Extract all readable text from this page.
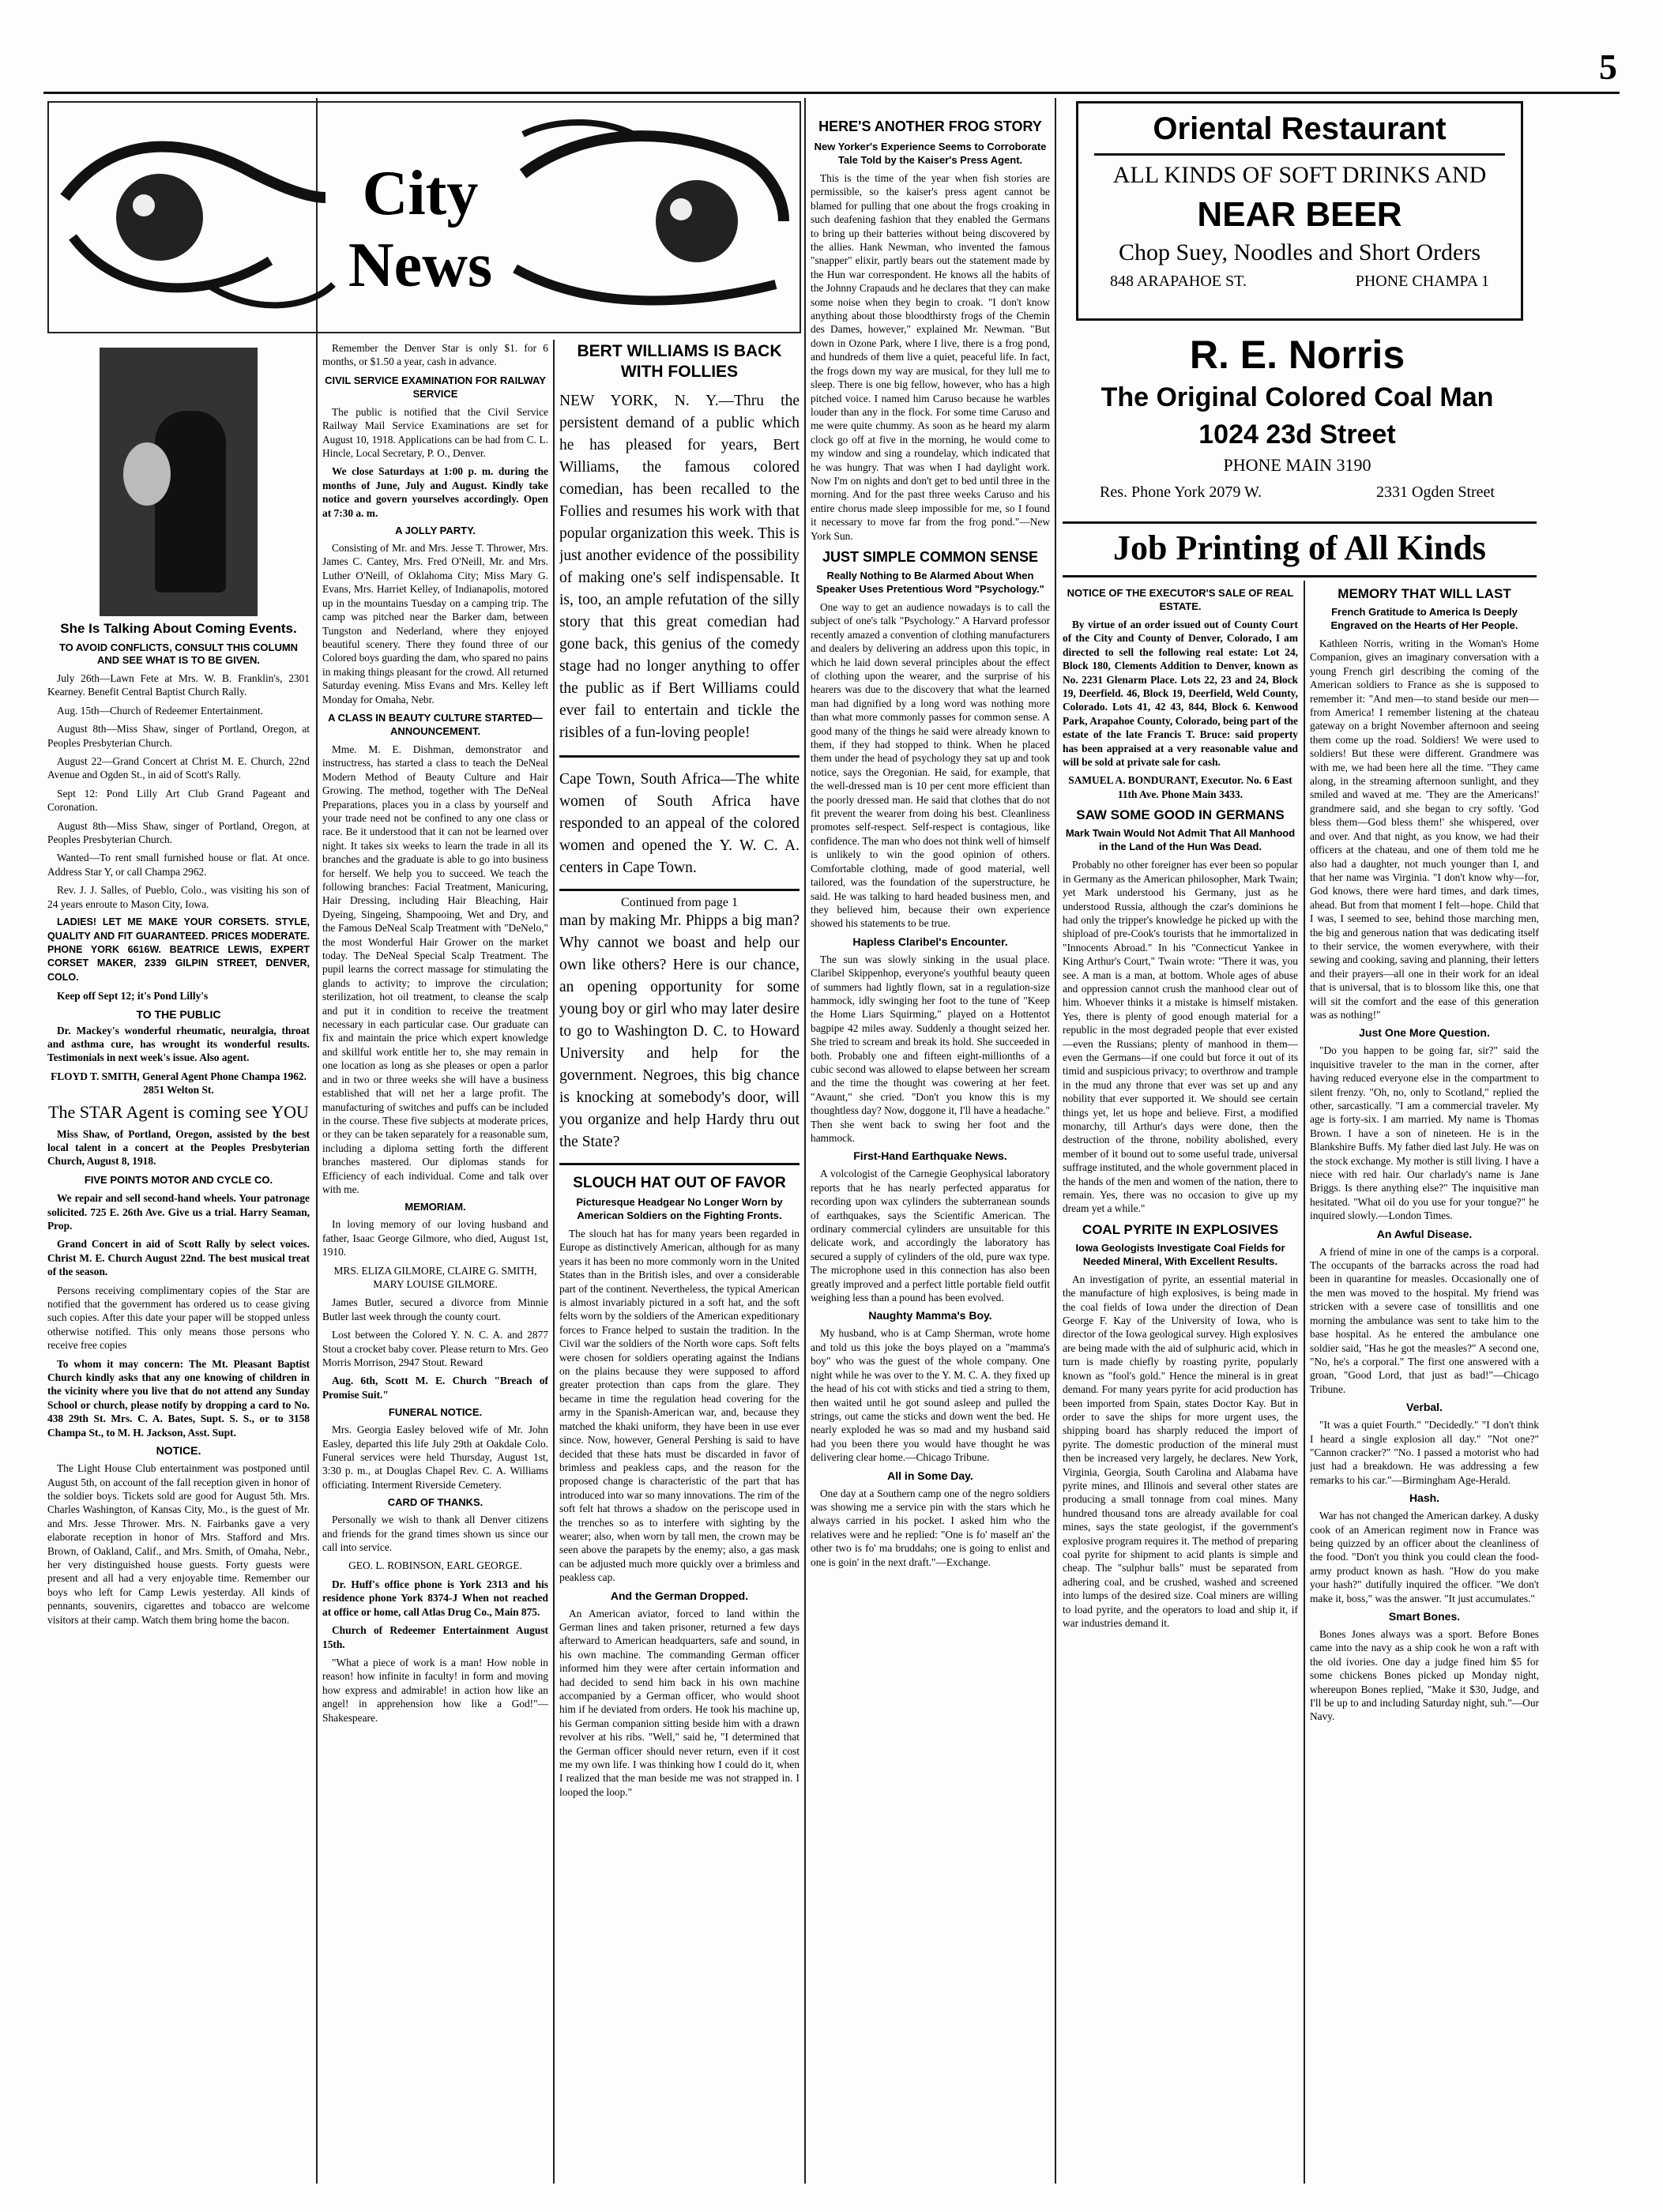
5
City News
She Is Talking About Coming Events.
TO AVOID CONFLICTS, CONSULT THIS COLUMN AND SEE WHAT IS TO BE GIVEN.

July 26th—Lawn Fete at Mrs. W. B. Franklin's, 2301 Kearney. Benefit Central Baptist Church Rally.

Aug. 15th—Church of Redeemer Entertainment.

August 8th—Miss Shaw, singer of Portland, Oregon, at Peoples Presbyterian Church.

August 22—Grand Concert at Christ M. E. Church, 22nd Avenue and Ogden St., in aid of Scott's Rally.

Sept 12: Pond Lilly Art Club Grand Pageant and Coronation.

August 8th—Miss Shaw, singer of Portland, Oregon, at Peoples Presbyterian Church.

Wanted—To rent small furnished house or flat. At once. Address Star Y, or call Champa 2962.

Rev. J. J. Salles, of Pueblo, Colo., was visiting his son of 24 years enroute to Mason City, Iowa.

LADIES! LET ME MAKE YOUR CORSETS. STYLE, QUALITY AND FIT GUARANTEED. PRICES MODERATE. PHONE YORK 6616W. BEATRICE LEWIS, EXPERT CORSET MAKER, 2339 GILPIN STREET, DENVER, COLO.

Keep off Sept 12; it's Pond Lilly's

TO THE PUBLIC

Dr. Mackey's wonderful rheumatic, neuralgia, throat and asthma cure, has wrought its wonderful results. Testimonials in next week's issue. Also agent.

FLOYD T. SMITH, General Agent Phone Champa 1962. 2851 Welton St.

The STAR Agent is coming see YOU

Miss Shaw, of Portland, Oregon, assisted by the best local talent in a concert at the Peoples Presbyterian Church, August 8, 1918.

FIVE POINTS MOTOR AND CYCLE CO.

We repair and sell second-hand wheels. Your patronage solicited. 725 E. 26th Ave. Give us a trial. Harry Seaman, Prop.

Grand Concert in aid of Scott Rally by select voices. Christ M. E. Church August 22nd. The best musical treat of the season.

Persons receiving complimentary copies of the Star are notified that the government has ordered us to cease giving such copies. After this date your paper will be stopped unless otherwise notified. This only means those persons who receive free copies

To whom it may concern: The Mt. Pleasant Baptist Church kindly asks that any one knowing of children in the vicinity where you live that do not attend any Sunday School or church, please notify by dropping a card to No. 438 29th St. Mrs. C. A. Bates, Supt. S. S., or to 3158 Champa St., to M. H. Jackson, Asst. Supt.

NOTICE.

The Light House Club entertainment was postponed until August 5th, on account of the fall reception given in honor of the soldier boys. Tickets sold are good for August 5th. Mrs. Charles Washington, of Kansas City, Mo., is the guest of Mr. and Mrs. Jesse Thrower. Mrs. N. Fairbanks gave a very elaborate reception in honor of Mrs. Stafford and Mrs. Brown, of Oakland, Calif., and Mrs. Smith, of Omaha, Nebr., her very distinguished house guests. Forty guests were present and all had a very enjoyable time. Remember our boys who left for Camp Lewis yesterday. All kinds of pennants, souvenirs, cigarettes and tobacco are welcome visitors at their camp. Watch them bring home the bacon.

Remember the Denver Star is only $1. for 6 months, or $1.50 a year, cash in advance.

CIVIL SERVICE EXAMINATION FOR RAILWAY SERVICE

The public is notified that the Civil Service Railway Mail Service Examinations are set for August 10, 1918. Applications can be had from C. L. Hincle, Local Secretary, P. O., Denver.

We close Saturdays at 1:00 p. m. during the months of June, July and August. Kindly take notice and govern yourselves accordingly. Open at 7:30 a. m.

A JOLLY PARTY.

Consisting of Mr. and Mrs. Jesse T. Thrower, Mrs. James C. Cantey, Mrs. Fred O'Neill, Mr. and Mrs. Luther O'Neill, of Oklahoma City; Miss Mary G. Evans, Mrs. Harriet Kelley, of Indianapolis, motored up in the mountains Tuesday on a camping trip. The camp was pitched near the Barker dam, between Tungston and Nederland, where they enjoyed beautiful scenery. There they found three of our Colored boys guarding the dam, who spared no pains in making things pleasant for the crowd. All returned Saturday evening. Miss Evans and Mrs. Kelley left Monday for Omaha, Nebr.

A CLASS IN BEAUTY CULTURE STARTED—ANNOUNCEMENT.

Mme. M. E. Dishman, demonstrator and instructress, has started a class to teach the DeNeal Modern Method of Beauty Culture and Hair Growing. The method, together with The DeNeal Preparations, places you in a class by yourself and your trade need not be confined to any one class or race. Be it understood that it can not be learned over night. It takes six weeks to learn the trade in all its branches and the graduate is able to go into business for herself. We help you to succeed. We teach the following branches: Facial Treatment, Manicuring, Hair Dressing, including Hair Bleaching, Hair Dyeing, Singeing, Shampooing, Wet and Dry, and the Famous DeNeal Scalp Treatment with "DeNelo," the most Wonderful Hair Grower on the market today. The DeNeal Special Scalp Treatment. The pupil learns the correct massage for stimulating the glands to activity; to improve the circulation; sterilization, hot oil treatment, to cleanse the scalp and put it in condition to receive the treatment necessary in each particular case. Our graduate can fix and maintain the price which expert knowledge and skillful work entitle her to, she may remain in one location as long as she pleases or open a parlor and in two or three weeks she will have a business established that will net her a large profit. The manufacturing of switches and puffs can be included in the course. These five subjects at moderate prices, or they can be taken separately for a reasonable sum, including a diploma setting forth the different branches mastered. Our diplomas stands for Efficiency of each individual. Come and talk over with me.

MEMORIAM.

In loving memory of our loving husband and father, Isaac George Gilmore, who died, August 1st, 1910.

MRS. ELIZA GILMORE, CLAIRE G. SMITH, MARY LOUISE GILMORE.

James Butler, secured a divorce from Minnie Butler last week through the county court.

Lost between the Colored Y. N. C. A. and 2877 Stout a crocket baby cover. Please return to Mrs. Geo Morris Morrison, 2947 Stout. Reward

Aug. 6th, Scott M. E. Church "Breach of Promise Suit."

FUNERAL NOTICE.

Mrs. Georgia Easley beloved wife of Mr. John Easley, departed this life July 29th at Oakdale Colo. Funeral services were held Thursday, August 1st, 3:30 p. m., at Douglas Chapel Rev. C. A. Williams officiating. Interment Riverside Cemetery.

CARD OF THANKS.

Personally we wish to thank all Denver citizens and friends for the grand times shown us since our call into service.

GEO. L. ROBINSON, EARL GEORGE.

Dr. Huff's office phone is York 2313 and his residence phone York 8374-J When not reached at office or home, call Atlas Drug Co., Main 875.

Church of Redeemer Entertainment August 15th.

"What a piece of work is a man! How noble in reason! how infinite in faculty! in form and moving how express and admirable! in action how like an angel! in apprehension how like a God!"—Shakespeare.

BERT WILLIAMS IS BACK WITH FOLLIES
NEW YORK, N. Y.—Thru the persistent demand of a public which he has pleased for years, Bert Williams, the famous colored comedian, has been recalled to the Follies and resumes his work with that popular organization this week. This is just another evidence of the possibility of making one's self indispensable. It is, too, an ample refutation of the silly story that this great comedian had gone back, this genius of the comedy stage had no longer anything to offer the public as if Bert Williams could ever fail to entertain and tickle the risibles of a fun-loving people!
Cape Town, South Africa—The white women of South Africa have responded to an appeal of the colored women and opened the Y. W. C. A. centers in Cape Town.
Continued from page 1
man by making Mr. Phipps a big man? Why cannot we boast and help our own like others? Here is our chance, an opening opportunity for some young boy or girl who may later desire to go to Washington D. C. to Howard University and help for the government. Negroes, this big chance is knocking at somebody's door, will you organize and help Hardy thru out the State?
SLOUCH HAT OUT OF FAVOR
Picturesque Headgear No Longer Worn by American Soldiers on the Fighting Fronts.

The slouch hat has for many years been regarded in Europe as distinctively American, although for as many years it has been no more commonly worn in the United States than in the British isles, and over a considerable part of the continent. Nevertheless, the typical American is almost invariably pictured in a soft hat, and the soft felts worn by the soldiers of the American expeditionary forces to France helped to sustain the tradition. In the Civil war the soldiers of the North wore caps. Soft felts were chosen for soldiers operating against the Indians on the plains because they were supposed to afford greater protection than caps from the glare. They became in time the regulation head covering for the army in the Spanish-American war, and, because they matched the khaki uniform, they have been in use ever since. Now, however, General Pershing is said to have decided that these hats must be discarded in favor of brimless and peakless caps, and the reason for the proposed change is characteristic of the part that has introduced into war so many innovations. The rim of the soft felt hat throws a shadow on the periscope used in the trenches so as to interfere with sighting by the wearer; also, when worn by tall men, the crown may be seen above the parapets by the enemy; also, a gas mask can be adjusted much more quickly over a brimless and peakless cap.

And the German Dropped.

An American aviator, forced to land within the German lines and taken prisoner, returned a few days afterward to American headquarters, safe and sound, in his own machine. The commanding German officer informed him they were after certain information and had decided to send him back in his own machine accompanied by a German officer, who would shoot him if he deviated from orders. He took his machine up, his German companion sitting beside him with a drawn revolver at his ribs. "Well," said he, "I determined that the German officer should never return, even if it cost me my own life. I was thinking how I could do it, when I realized that the man beside me was not strapped in. I looped the loop."

HERE'S ANOTHER FROG STORY
New Yorker's Experience Seems to Corroborate Tale Told by the Kaiser's Press Agent.

This is the time of the year when fish stories are permissible, so the kaiser's press agent cannot be blamed for pulling that one about the frogs croaking in such deafening fashion that they enabled the Germans to bring up their batteries without being discovered by the allies. Hank Newman, who invented the famous "snapper" elixir, partly bears out the statement made by the Hun war correspondent. He knows all the habits of the Johnny Crapauds and he declares that they can make some noise when they begin to croak. "I don't know anything about those bloodthirsty frogs of the Chemin des Dames, however," explained Mr. Newman. "But down in Ozone Park, where I live, there is a frog pond, and hundreds of them live a quiet, peaceful life. In fact, the frogs down my way are musical, for they lull me to sleep. There is one big fellow, however, who has a high pitched voice. I named him Caruso because he warbles louder than any in the flock. For some time Caruso and me were quite chummy. As soon as he heard my alarm clock go off at five in the morning, he would come to my window and sing a roundelay, which indicated that he was hungry. That was when I had daylight work. Now I'm on nights and don't get to bed until three in the morning. And for the past three weeks Caruso and his entire chorus made sleep impossible for me, so I found it necessary to move far from the frog pond."—New York Sun.

JUST SIMPLE COMMON SENSE
Really Nothing to Be Alarmed About When Speaker Uses Pretentious Word "Psychology."

One way to get an audience nowadays is to call the subject of one's talk "Psychology." A Harvard professor recently amazed a convention of clothing manufacturers and dealers by delivering an address upon this topic, in which he laid down several principles about the effect of clothing upon the wearer, and the surprise of his hearers was due to the discovery that what the learned man had dignified by a long word was nothing more than what more commonly passes for common sense. A good many of the things he said were already known to them, if they had stopped to think. When he placed them under the head of psychology they sat up and took notice, says the Oregonian. He said, for example, that the well-dressed man is 10 per cent more efficient than the poorly dressed man. He said that clothes that do not fit prevent the wearer from doing his best. Cleanliness promotes self-respect. Self-respect is contagious, like confidence. The man who does not think well of himself is unlikely to win the good opinion of others. Comfortable clothing, made of good material, well tailored, was the foundation of the superstructure, he said. He was talking to hard headed business men, and they believed him, because their own experience showed his statements to be true.

Hapless Claribel's Encounter.

The sun was slowly sinking in the usual place. Claribel Skippenhop, everyone's youthful beauty queen of summers had lightly flown, sat in a regulation-size hammock, idly swinging her foot to the tune of "Keep the Home Liars Squirming," played on a Hottentot bagpipe 42 miles away. Suddenly a thought seized her. She tried to scream and break its hold. She succeeded in both. Probably one and fifteen eight-millionths of a cubic second was allowed to elapse between her scream and the time the thought was cowering at her feet. "Avaunt," she cried. "Don't you know this is my thoughtless day? Now, doggone it, I'll have a headache." Then she went back to swing her foot and the hammock.

First-Hand Earthquake News.

A volcologist of the Carnegie Geophysical laboratory reports that he has nearly perfected apparatus for recording upon wax cylinders the subterranean sounds of earthquakes, says the Scientific American. The ordinary commercial cylinders are unsuitable for this delicate work, and accordingly the laboratory has secured a supply of cylinders of the old, pure wax type. The microphone used in this connection has also been greatly improved and a perfect little portable field outfit weighing less than a pound has been evolved.

Naughty Mamma's Boy.

My husband, who is at Camp Sherman, wrote home and told us this joke the boys played on a "mamma's boy" who was the guest of the whole company. One night while he was over to the Y. M. C. A. they fixed up the head of his cot with sticks and tied a string to them, then waited until he got sound asleep and pulled the strings, out came the sticks and down went the bed. He nearly exploded he was so mad and my husband said had you been there you would have thought he was delivering clear home.—Chicago Tribune.

All in Some Day.

One day at a Southern camp one of the negro soldiers was showing me a service pin with the stars which he always carried in his pocket. I asked him who the relatives were and he replied: "One is fo' maself an' the other two is fo' ma bruddahs; one is going to enlist and one is goin' in the next draft."—Exchange.

Oriental Restaurant
ALL KINDS OF SOFT DRINKS AND
NEAR BEER
Chop Suey, Noodles and Short Orders
848 ARAPAHOE ST.	PHONE CHAMPA 1
R. E. Norris
The Original Colored Coal Man
1024 23d Street
PHONE MAIN 3190
Res. Phone York 2079 W.	2331 Ogden Street
Job Printing of All Kinds
NOTICE OF THE EXECUTOR'S SALE OF REAL ESTATE.

By virtue of an order issued out of County Court of the City and County of Denver, Colorado, I am directed to sell the following real estate: Lot 24, Block 180, Clements Addition to Denver, known as No. 2231 Glenarm Place. Lots 22, 23 and 24, Block 19, Deerfield. 46, Block 19, Deerfield, Weld County, Colorado. Lots 41, 42 43, 844, Block 6. Kenwood Park, Arapahoe County, Colorado, being part of the estate of the late Francis T. Bruce: said property has been appraised at a very reasonable value and will be sold at private sale for cash.

SAMUEL A. BONDURANT, Executor. No. 6 East 11th Ave. Phone Main 3433.

SAW SOME GOOD IN GERMANS
Mark Twain Would Not Admit That All Manhood in the Land of the Hun Was Dead.

Probably no other foreigner has ever been so popular in Germany as the American philosopher, Mark Twain; yet Mark understood his Germany, just as he understood Russia, although the czar's dominions he had only the tripper's knowledge he picked up with the shipload of pre-Cook's tourists that he immortalized in "Innocents Abroad." In his "Connecticut Yankee in King Arthur's Court," Twain wrote: "There it was, you see. A man is a man, at bottom. Whole ages of abuse and oppression cannot crush the manhood clear out of him. Whoever thinks it a mistake is himself mistaken. Yes, there is plenty of good enough material for a republic in the most degraded people that ever existed—even the Russians; plenty of manhood in them—even the Germans—if one could but force it out of its timid and suspicious privacy; to overthrow and trample in the mud any throne that ever was set up and any nobility that ever supported it. We should see certain things yet, let us hope and believe. First, a modified monarchy, till Arthur's days were done, then the destruction of the throne, nobility abolished, every member of it bound out to some useful trade, universal suffrage instituted, and the whole government placed in the hands of the men and women of the nation, there to remain. Yes, there was no occasion to give up my dream yet a while."

COAL PYRITE IN EXPLOSIVES
Iowa Geologists Investigate Coal Fields for Needed Mineral, With Excellent Results.

An investigation of pyrite, an essential material in the manufacture of high explosives, is being made in the coal fields of Iowa under the direction of Dean George F. Kay of the University of Iowa, who is director of the Iowa geological survey. High explosives are being made with the aid of sulphuric acid, which in turn is made chiefly by roasting pyrite, popularly known as "fool's gold." Hence the mineral is in great demand. For many years pyrite for acid production has been imported from Spain, states Doctor Kay. But in order to save the ships for more urgent uses, the shipping board has sharply reduced the import of pyrite. The domestic production of the mineral must then be increased very largely, he declares. New York, Virginia, Georgia, South Carolina and Alabama have pyrite mines, and Illinois and several other states are producing a small tonnage from coal mines. Many hundred thousand tons are already available for coal mines, says the state geologist, if the government's explosive program requires it. The method of preparing coal pyrite for shipment to acid plants is simple and cheap. The "sulphur balls" must be separated from adhering coal, and be crushed, washed and screened into lumps of the desired size. Coal miners are willing to load pyrite, and the operators to load and ship it, if war industries demand it.

MEMORY THAT WILL LAST
French Gratitude to America Is Deeply Engraved on the Hearts of Her People.

Kathleen Norris, writing in the Woman's Home Companion, gives an imaginary conversation with a young French girl describing the coming of the American soldiers to France as she is supposed to remember it: "And men—to stand beside our men—from America! I remember listening at the chateau gateway on a bright November afternoon and seeing them come up the road. Soldiers! We were used to soldiers! But these were different. Grandmere was with me, we had been here all the time. "They came along, in the streaming afternoon sunlight, and they smiled and waved at me. 'They are the Americans!' grandmere said, and she began to cry softly. 'God bless them—God bless them!' she whispered, over and over. And that night, as you know, we had their officers at the chateau, and one of them told me he also had a daughter, not much younger than I, and that her name was Virginia. "I don't know why—for, God knows, there were hard times, and dark times, ahead. But from that moment I felt—hope. Child that I was, I seemed to see, behind those marching men, the big and generous nation that was dedicating itself to their service, the women everywhere, with their sewing and cooking, saving and planning, their letters and their prayers—all one in their work for an ideal that is universal, that is to blossom like this, one that will sit the comfort and the ease of this generation was as nothing!"

Just One More Question.

"Do you happen to be going far, sir?" said the inquisitive traveler to the man in the corner, after having reduced everyone else in the compartment to silent frenzy. "Oh, no, only to Scotland," replied the other, sarcastically. "I am a commercial traveler. My age is forty-six. I am married. My name is Thomas Brown. I have a son of nineteen. He is in the Blankshire Buffs. My father died last July. He was on the stock exchange. My mother is still living. I have a niece with red hair. Our charlady's name is Jane Briggs. Is there anything else?" The inquisitive man hesitated. "What oil do you use for your tongue?" he inquired slowly.—London Times.

An Awful Disease.

A friend of mine in one of the camps is a corporal. The occupants of the barracks across the road had been in quarantine for measles. Occasionally one of the men was moved to the hospital. My friend was stricken with a severe case of tonsillitis and one morning the ambulance was sent to take him to the base hospital. As he entered the ambulance one soldier said, "Has he got the measles?" A second one, "No, he's a corporal." The first one answered with a groan, "Good Lord, that just as bad!"—Chicago Tribune.

Verbal.

"It was a quiet Fourth." "Decidedly." "I don't think I heard a single explosion all day." "Not one?" "Cannon cracker?" "No. I passed a motorist who had just had a breakdown. He was addressing a few remarks to his car."—Birmingham Age-Herald.

Hash.

War has not changed the American darkey. A dusky cook of an American regiment now in France was being quizzed by an officer about the cleanliness of the food. "Don't you think you could clean the food-army product known as hash. "How do you make your hash?" dutifully inquired the officer. "We don't make it, boss," was the answer. "It just accumulates."

Smart Bones.

Bones Jones always was a sport. Before Bones came into the navy as a ship cook he won a raft with the old ivories. One day a judge fined him $5 for some chickens Bones picked up Monday night, whereupon Bones replied, "Make it $30, Judge, and I'll be up to and including Saturday night, suh."—Our Navy.
